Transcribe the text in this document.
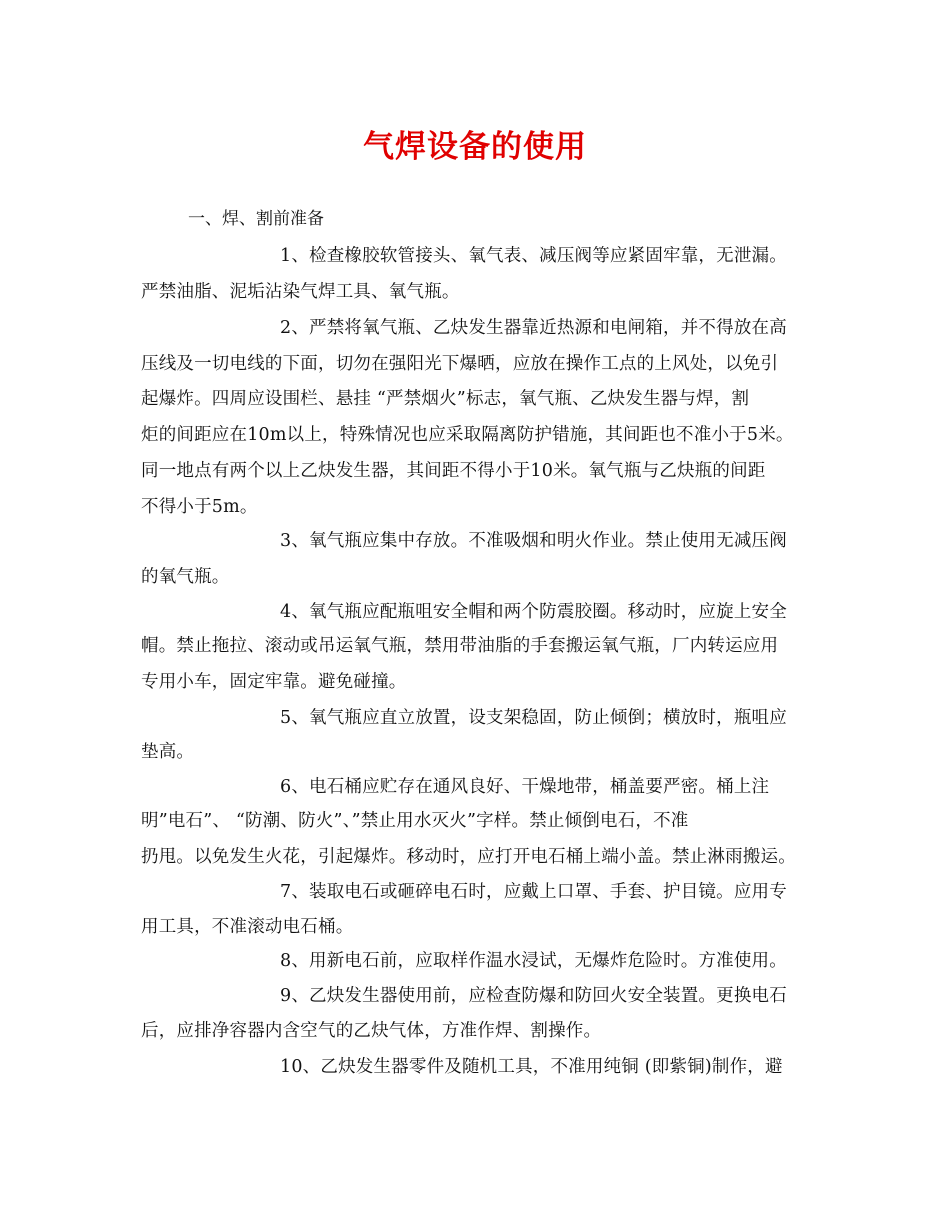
气焊设备的使用
一、焊、割前准备
1、检查橡胶软管接头、氧气表、减压阀等应紧固牢靠，无泄漏。
严禁油脂、泥垢沾染气焊工具、氧气瓶。
2、严禁将氧气瓶、乙炔发生器靠近热源和电闸箱，并不得放在高
压线及一切电线的下面，切勿在强阳光下爆晒，应放在操作工点的上风处，以免引
起爆炸。四周应设围栏、悬挂 “严禁烟火”标志，氧气瓶、乙炔发生器与焊，割
炬的间距应在10m以上，特殊情况也应采取隔离防护错施，其间距也不准小于5米。
同一地点有两个以上乙炔发生器，其间距不得小于10米。氧气瓶与乙炔瓶的间距
不得小于5m。
3、氧气瓶应集中存放。不准吸烟和明火作业。禁止使用无减压阀
的氧气瓶。
4、氧气瓶应配瓶咀安全帽和两个防震胶圈。移动时，应旋上安全
帽。禁止拖拉、滚动或吊运氧气瓶，禁用带油脂的手套搬运氧气瓶，厂内转运应用
专用小车，固定牢靠。避免碰撞。
5、氧气瓶应直立放置，设支架稳固，防止倾倒；横放时，瓶咀应
垫高。
6、电石桶应贮存在通风良好、干燥地带，桶盖要严密。桶上注
明”电石”、 “防潮、防火”、”禁止用水灭火”字样。禁止倾倒电石，不准
扔甩。以免发生火花，引起爆炸。移动时，应打开电石桶上端小盖。禁止淋雨搬运。
7、装取电石或砸碎电石时，应戴上口罩、手套、护目镜。应用专
用工具，不准滚动电石桶。
8、用新电石前，应取样作温水浸试，无爆炸危险时。方准使用。
9、乙炔发生器使用前，应检查防爆和防回火安全装置。更换电石
后，应排净容器内含空气的乙炔气体，方准作焊、割操作。
10、乙炔发生器零件及随机工具，不准用纯铜 (即紫铜)制作，避
